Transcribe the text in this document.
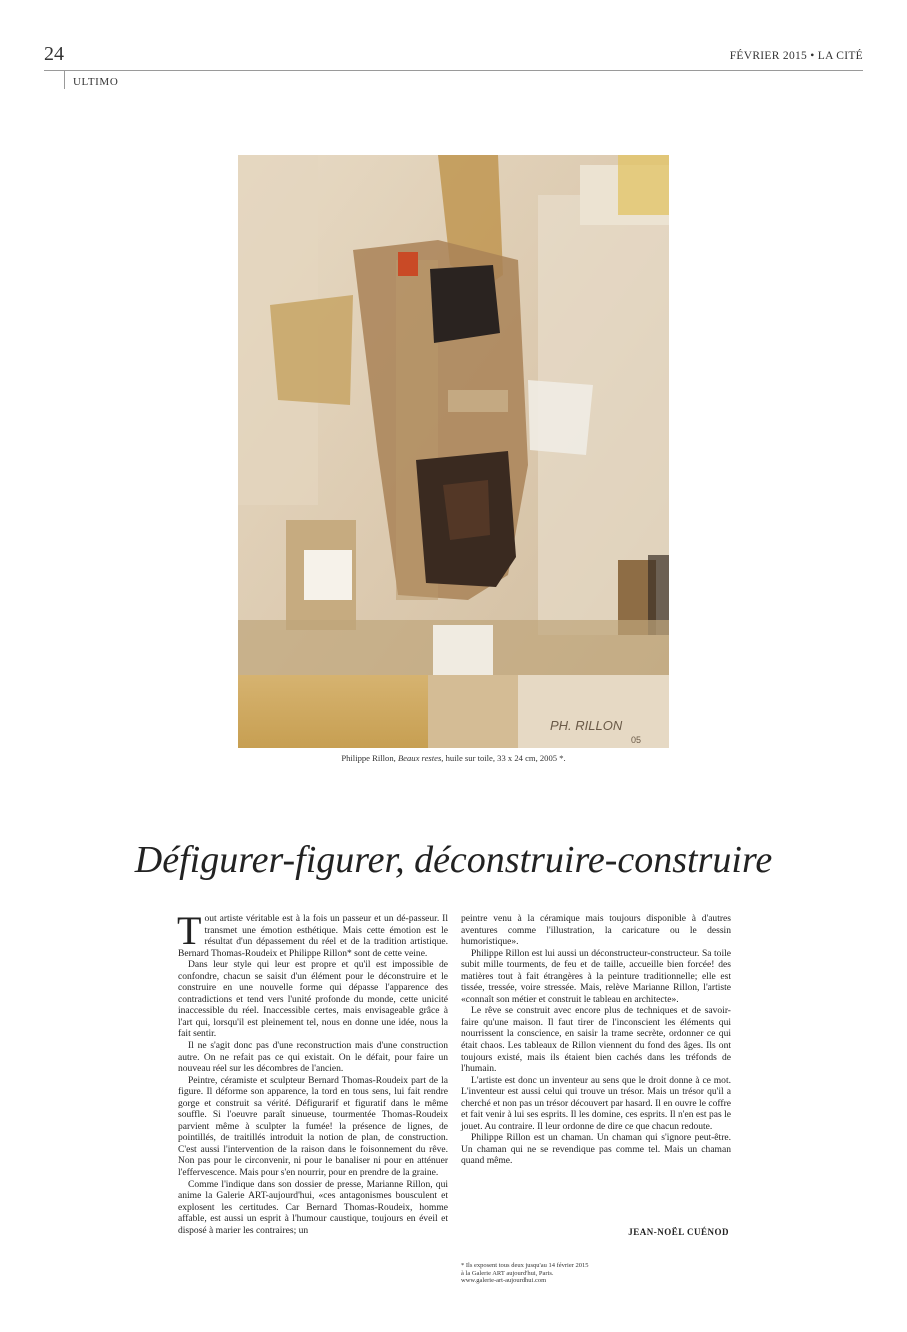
24	FÉVRIER 2015 • LA CITÉ
ULTIMO
PH. RILLON
05
Philippe Rillon, Beaux restes, huile sur toile, 33 x 24 cm, 2005 *.
Défigurer-figurer, déconstruire-construire

Tout artiste véritable est à la fois un passeur et un dé-passeur. Il transmet une émotion esthétique. Mais cette émotion est le résultat d'un dépassement du réel et de la tradition artistique. Bernard Thomas-Roudeix et Philippe Rillon* sont de cette veine.

Dans leur style qui leur est propre et qu'il est impossible de confondre, chacun se saisit d'un élément pour le déconstruire et le construire en une nouvelle forme qui dépasse l'apparence des contradictions et tend vers l'unité profonde du monde, cette unicité inaccessible du réel. Inaccessible certes, mais envisageable grâce à l'art qui, lorsqu'il est pleinement tel, nous en donne une idée, nous la fait sentir.

Il ne s'agit donc pas d'une reconstruction mais d'une construction autre. On ne refait pas ce qui existait. On le défait, pour faire un nouveau réel sur les décombres de l'ancien.

Peintre, céramiste et sculpteur Bernard Thomas-Roudeix part de la figure. Il déforme son apparence, la tord en tous sens, lui fait rendre gorge et construit sa vérité. Défigurarif et figuratif dans le même souffle. Si l'oeuvre paraît sinueuse, tourmentée Thomas-Roudeix parvient même à sculpter la fumée! la présence de lignes, de pointillés, de traitillés introduit la notion de plan, de construction. C'est aussi l'intervention de la raison dans le foisonnement du rêve. Non pas pour le circonvenir, ni pour le banaliser ni pour en atténuer l'effervescence. Mais pour s'en nourrir, pour en prendre de la graine.

Comme l'indique dans son dossier de presse, Marianne Rillon, qui anime la Galerie ART-aujourd'hui, «ces antagonismes bousculent et explosent les certitudes. Car Bernard Thomas-Roudeix, homme affable, est aussi un esprit à l'humour caustique, toujours en éveil et disposé à marier les contraires; un

peintre venu à la céramique mais toujours disponible à d'autres aventures comme l'illustration, la caricature ou le dessin humoristique».

Philippe Rillon est lui aussi un déconstructeur-constructeur. Sa toile subit mille tourments, de feu et de taille, accueille bien forcée! des matières tout à fait étrangères à la peinture traditionnelle; elle est tissée, tressée, voire stressée. Mais, relève Marianne Rillon, l'artiste «connaît son métier et construit le tableau en architecte».

Le rêve se construit avec encore plus de techniques et de savoir-faire qu'une maison. Il faut tirer de l'inconscient les éléments qui nourrissent la conscience, en saisir la trame secrète, ordonner ce qui était chaos. Les tableaux de Rillon viennent du fond des âges. Ils ont toujours existé, mais ils étaient bien cachés dans les tréfonds de l'humain.

L'artiste est donc un inventeur au sens que le droit donne à ce mot. L'inventeur est aussi celui qui trouve un trésor. Mais un trésor qu'il a cherché et non pas un trésor découvert par hasard. Il en ouvre le coffre et fait venir à lui ses esprits. Il les domine, ces esprits. Il n'en est pas le jouet. Au contraire. Il leur ordonne de dire ce que chacun redoute.

Philippe Rillon est un chaman. Un chaman qui s'ignore peut-être. Un chaman qui ne se revendique pas comme tel. Mais un chaman quand même.

JEAN-NOËL CUÉNOD
* Ils exposent tous deux jusqu'au 14 février 2015
à la Galerie ART aujourd'hui, Paris.
www.galerie-art-aujourdhui.com
